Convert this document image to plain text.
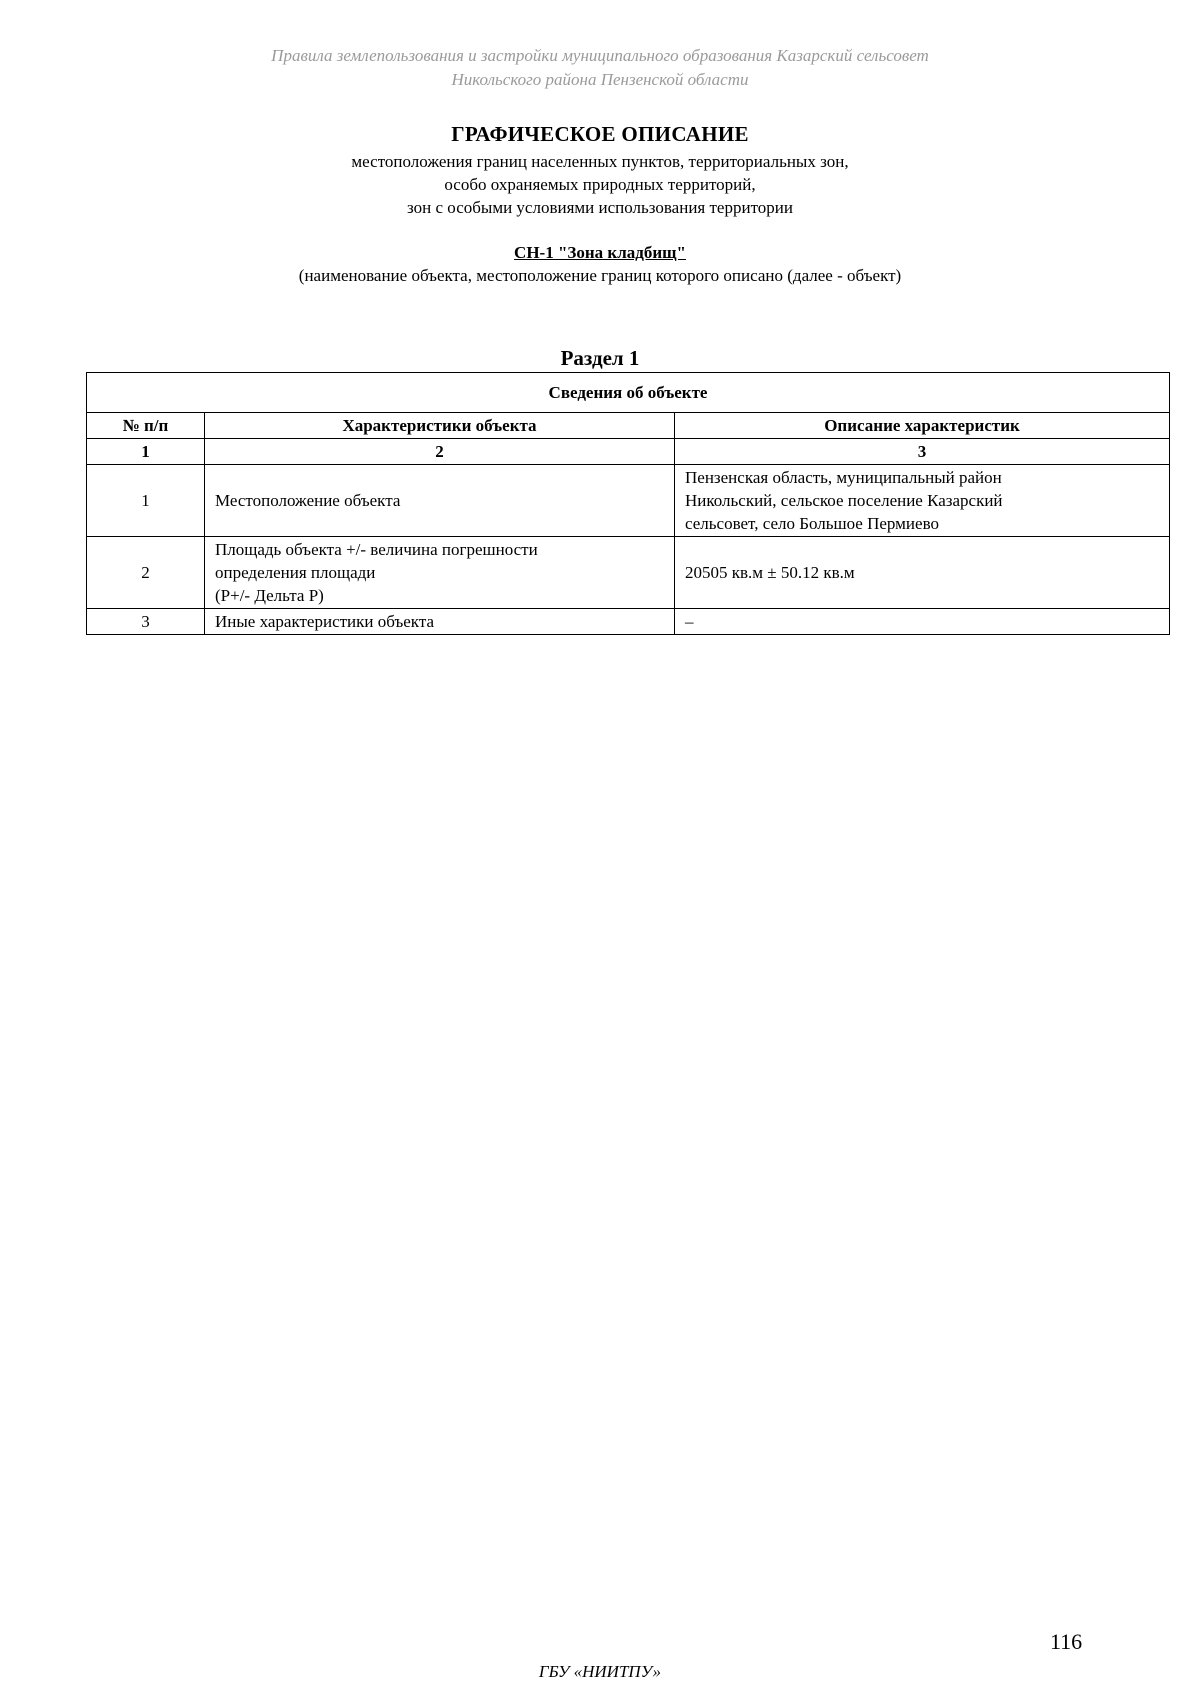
Правила землепользования и застройки муниципального образования Казарский сельсовет
Никольского района Пензенской области
ГРАФИЧЕСКОЕ ОПИСАНИЕ
местоположения границ населенных пунктов, территориальных зон,
особо охраняемых природных территорий,
зон с особыми условиями использования территории
СН-1 "Зона кладбищ"
(наименование объекта, местоположение границ которого описано (далее - объект)
Раздел 1
Сведения об объекте		
№ п/п	Характеристики объекта	Описание характеристик
1	2	3
1	Местоположение объекта	Пензенская область, муниципальный район
Никольский, сельское поселение Казарский
сельсовет, село Большое Пермиево

2	Площадь объекта +/- величина погрешности
определения площади
(P+/- Дельта P)	20505 кв.м ± 50.12 кв.м

3	Иные характеристики объекта	–
116
ГБУ «НИИТПУ»
